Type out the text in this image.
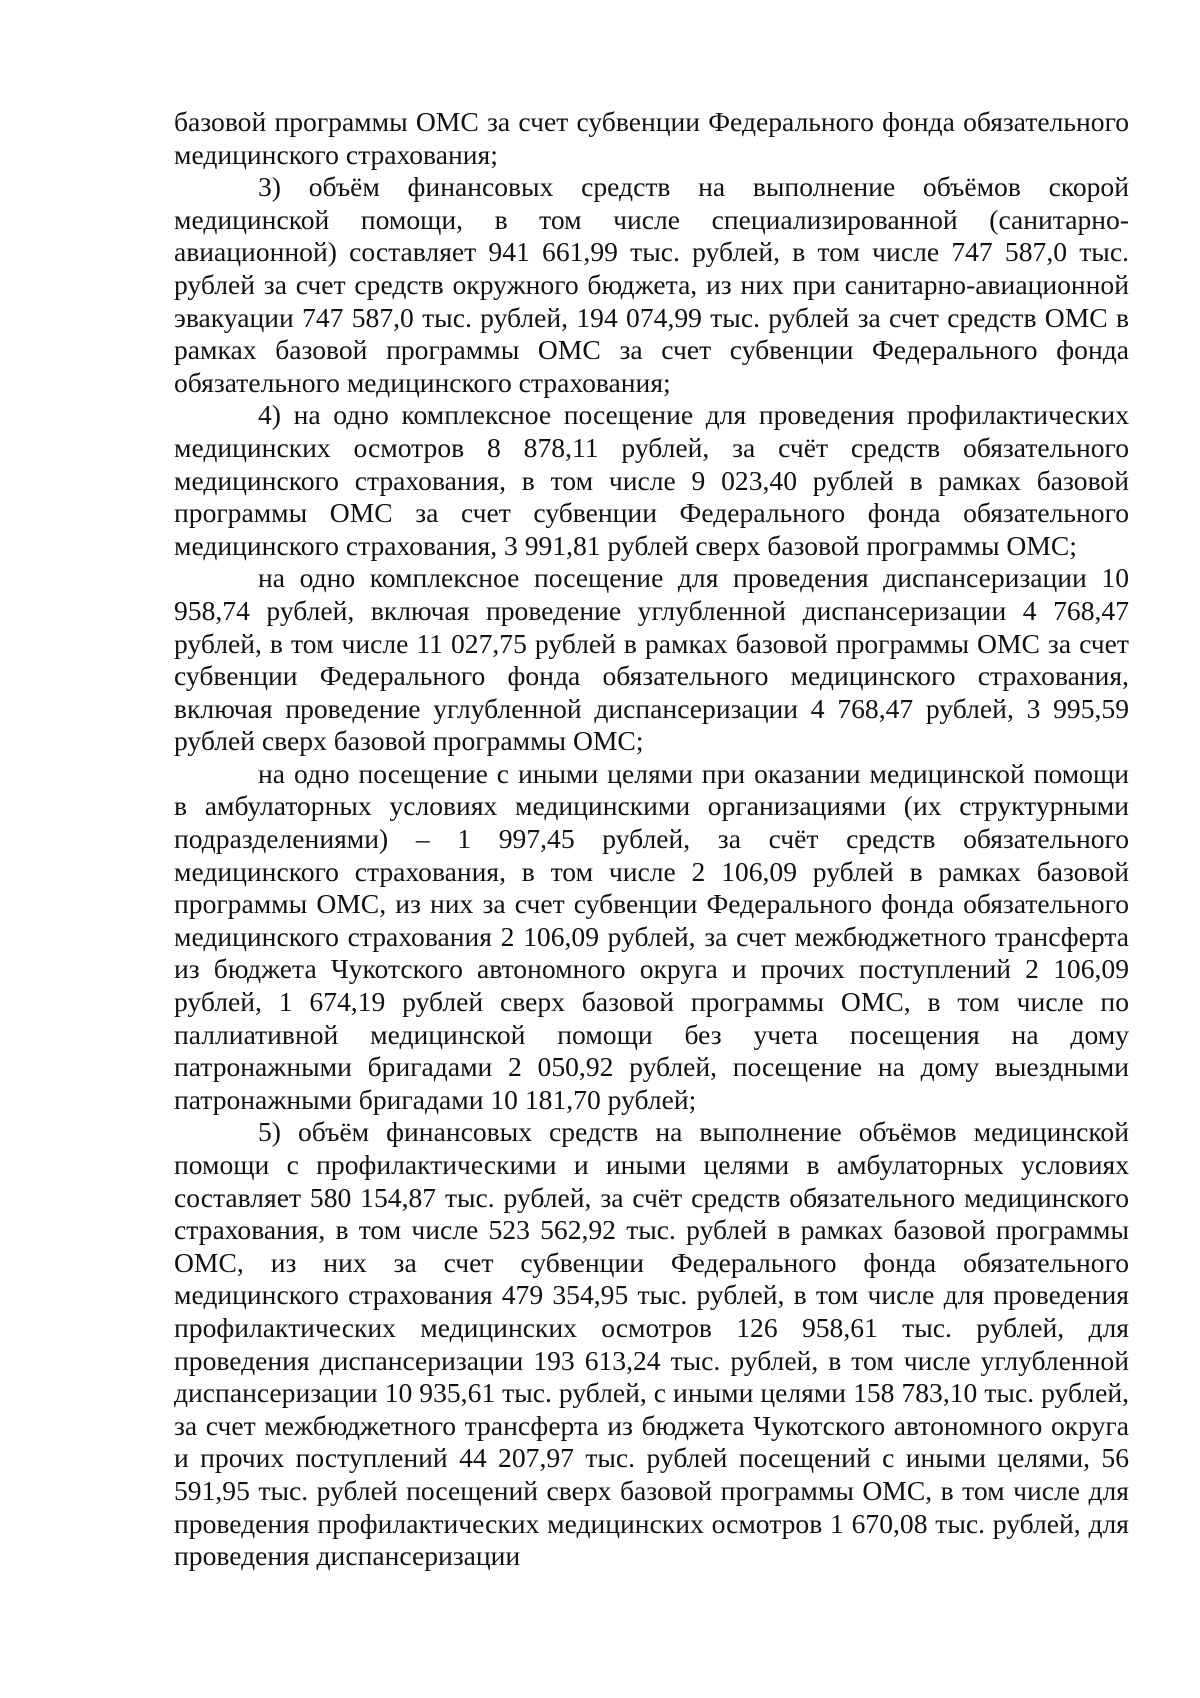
базовой программы ОМС за счет субвенции Федерального фонда обязательного медицинского страхования;

3) объём финансовых средств на выполнение объёмов скорой медицинской помощи, в том числе специализированной (санитарно-авиационной) составляет 941 661,99 тыс. рублей, в том числе 747 587,0 тыс. рублей за счет средств окружного бюджета, из них при санитарно-авиационной эвакуации 747 587,0 тыс. рублей, 194 074,99 тыс. рублей за счет средств ОМС в рамках базовой программы ОМС за счет субвенции Федерального фонда обязательного медицинского страхования;

4) на одно комплексное посещение для проведения профилактических медицинских осмотров 8 878,11 рублей, за счёт средств обязательного медицинского страхования, в том числе 9 023,40 рублей в рамках базовой программы ОМС за счет субвенции Федерального фонда обязательного медицинского страхования, 3 991,81 рублей сверх базовой программы ОМС;

на одно комплексное посещение для проведения диспансеризации 10 958,74 рублей, включая проведение углубленной диспансеризации 4 768,47 рублей, в том числе 11 027,75 рублей в рамках базовой программы ОМС за счет субвенции Федерального фонда обязательного медицинского страхования, включая проведение углубленной диспансеризации 4 768,47 рублей, 3 995,59 рублей сверх базовой программы ОМС;

на одно посещение с иными целями при оказании медицинской помощи в амбулаторных условиях медицинскими организациями (их структурными подразделениями) – 1 997,45 рублей, за счёт средств обязательного медицинского страхования, в том числе 2 106,09 рублей в рамках базовой программы ОМС, из них за счет субвенции Федерального фонда обязательного медицинского страхования 2 106,09 рублей, за счет межбюджетного трансферта из бюджета Чукотского автономного округа и прочих поступлений 2 106,09 рублей, 1 674,19 рублей сверх базовой программы ОМС, в том числе по паллиативной медицинской помощи без учета посещения на дому патронажными бригадами 2 050,92 рублей, посещение на дому выездными патронажными бригадами 10 181,70 рублей;

5) объём финансовых средств на выполнение объёмов медицинской помощи с профилактическими и иными целями в амбулаторных условиях составляет 580 154,87 тыс. рублей, за счёт средств обязательного медицинского страхования, в том числе 523 562,92 тыс. рублей в рамках базовой программы ОМС, из них за счет субвенции Федерального фонда обязательного медицинского страхования 479 354,95 тыс. рублей, в том числе для проведения профилактических медицинских осмотров 126 958,61 тыс. рублей, для проведения диспансеризации 193 613,24 тыс. рублей, в том числе углубленной диспансеризации 10 935,61 тыс. рублей, с иными целями 158 783,10 тыс. рублей, за счет межбюджетного трансферта из бюджета Чукотского автономного округа и прочих поступлений 44 207,97 тыс. рублей посещений с иными целями, 56 591,95 тыс. рублей посещений сверх базовой программы ОМС, в том числе для проведения профилактических медицинских осмотров 1 670,08 тыс. рублей, для проведения диспансеризации
